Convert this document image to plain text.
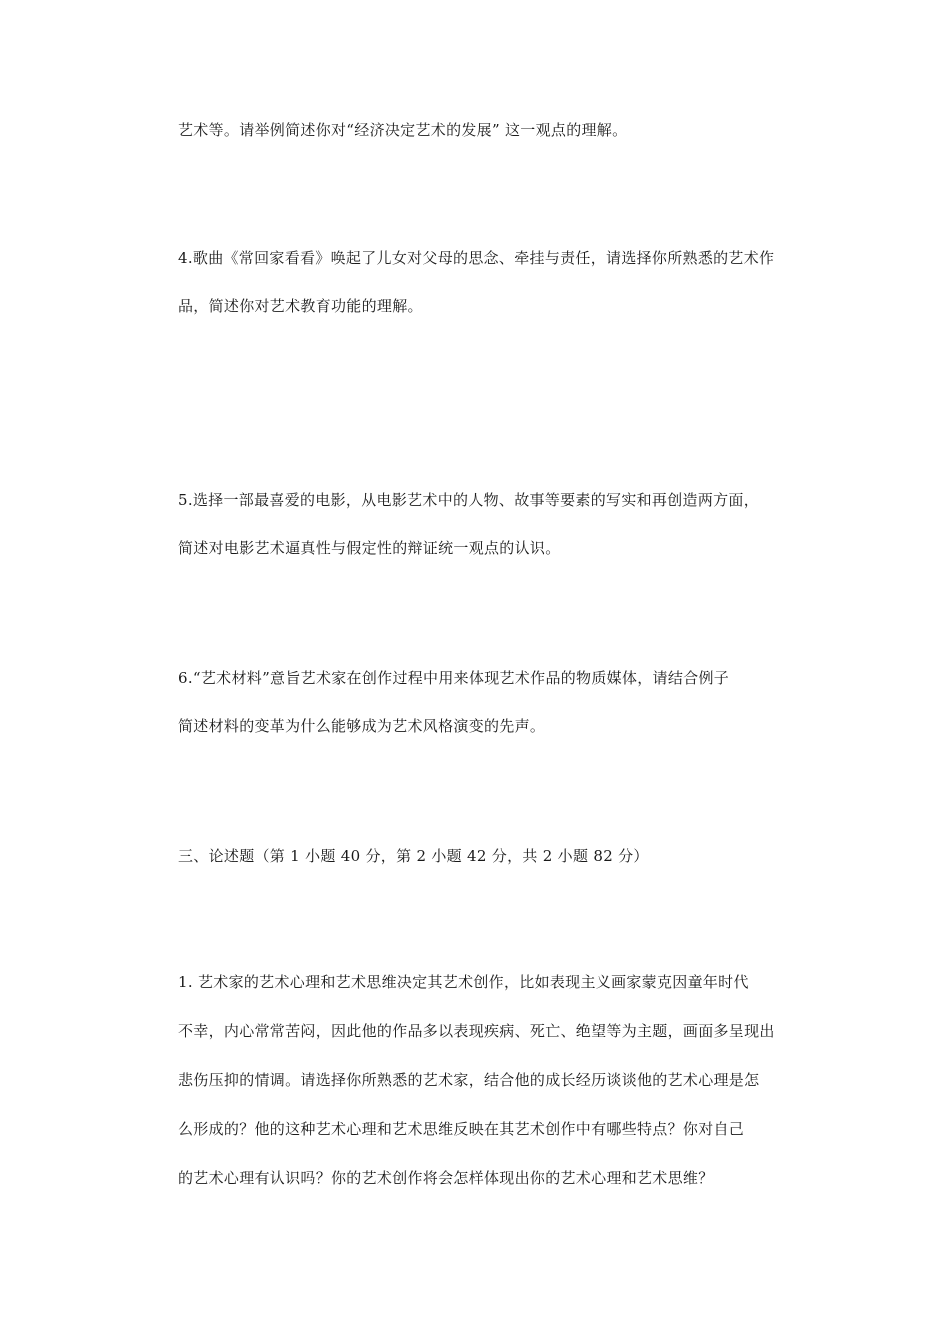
艺术等。请举例简述你对“经济决定艺术的发展” 这一观点的理解。
4.歌曲《常回家看看》唤起了儿女对父母的思念、牵挂与责任，请选择你所熟悉的艺术作
品，简述你对艺术教育功能的理解。
5.选择一部最喜爱的电影，从电影艺术中的人物、故事等要素的写实和再创造两方面，
简述对电影艺术逼真性与假定性的辩证统一观点的认识。
6.“艺术材料”意旨艺术家在创作过程中用来体现艺术作品的物质媒体，请结合例子
简述材料的变革为什么能够成为艺术风格演变的先声。
三、论述题（第 1 小题 40 分，第 2 小题 42 分，共 2 小题 82 分）
1. 艺术家的艺术心理和艺术思维决定其艺术创作，比如表现主义画家蒙克因童年时代
不幸，内心常常苦闷，因此他的作品多以表现疾病、死亡、绝望等为主题，画面多呈现出
悲伤压抑的情调。请选择你所熟悉的艺术家，结合他的成长经历谈谈他的艺术心理是怎
么形成的？他的这种艺术心理和艺术思维反映在其艺术创作中有哪些特点？你对自己
的艺术心理有认识吗？你的艺术创作将会怎样体现出你的艺术心理和艺术思维？
